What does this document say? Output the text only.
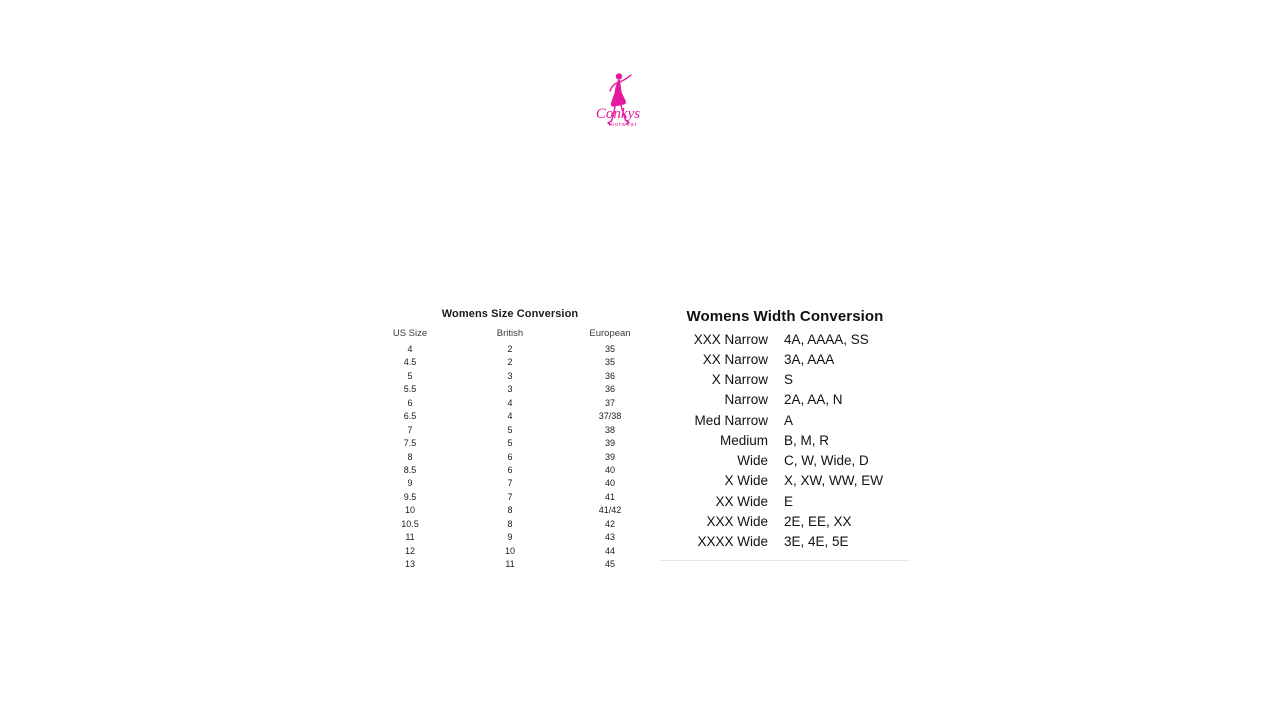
Conkys
footwear
Womens Size Conversion
US Size	British	European
4	2	35
4.5	2	35
5	3	36
5.5	3	36
6	4	37
6.5	4	37/38
7	5	38
7.5	5	39
8	6	39
8.5	6	40
9	7	40
9.5	7	41
10	8	41/42
10.5	8	42
11	9	43
12	10	44
13	11	45
Womens Width Conversion
XXX Narrow	4A, AAAA, SS
XX Narrow	3A, AAA
X Narrow	S
Narrow	2A, AA, N
Med Narrow	A
Medium	B, M, R
Wide	C, W, Wide, D
X Wide	X, XW, WW, EW
XX Wide	E
XXX Wide	2E, EE, XX
XXXX Wide	3E, 4E, 5E
